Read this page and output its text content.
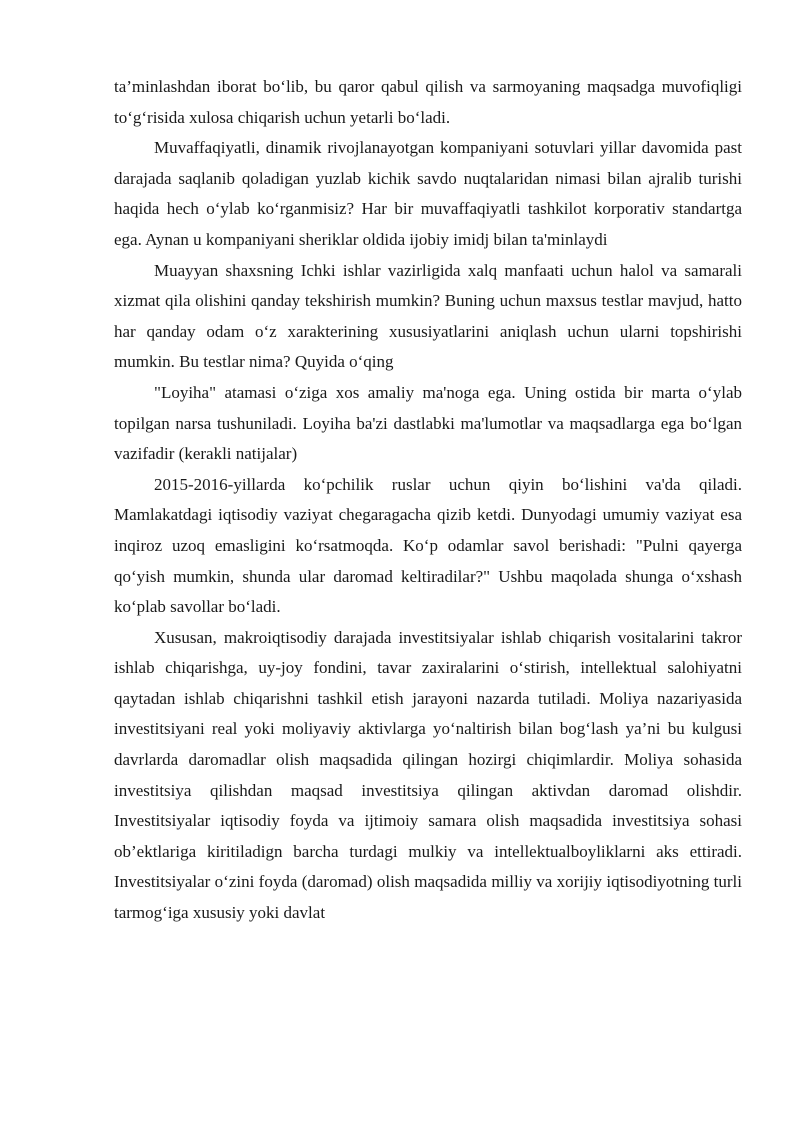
ta’minlashdan iborat bo‘lib, bu qaror qabul qilish va sarmoyaning maqsadga muvofiqligi to‘g‘risida xulosa chiqarish uchun yetarli bo‘ladi.

Muvaffaqiyatli, dinamik rivojlanayotgan kompaniyani sotuvlari yillar davomida past darajada saqlanib qoladigan yuzlab kichik savdo nuqtalaridan nimasi bilan ajralib turishi haqida hech o‘ylab ko‘rganmisiz? Har bir muvaffaqiyatli tashkilot korporativ standartga ega. Aynan u kompaniyani sheriklar oldida ijobiy imidj bilan ta'minlaydi

Muayyan shaxsning Ichki ishlar vazirligida xalq manfaati uchun halol va samarali xizmat qila olishini qanday tekshirish mumkin? Buning uchun maxsus testlar mavjud, hatto har qanday odam o‘z xarakterining xususiyatlarini aniqlash uchun ularni topshirishi mumkin. Bu testlar nima? Quyida o‘qing

"Loyiha" atamasi o‘ziga xos amaliy ma'noga ega. Uning ostida bir marta o‘ylab topilgan narsa tushuniladi. Loyiha ba'zi dastlabki ma'lumotlar va maqsadlarga ega bo‘lgan vazifadir (kerakli natijalar)

2015-2016-yillarda ko‘pchilik ruslar uchun qiyin bo‘lishini va'da qiladi. Mamlakatdagi iqtisodiy vaziyat chegaragacha qizib ketdi. Dunyodagi umumiy vaziyat esa inqiroz uzoq emasligini ko‘rsatmoqda. Ko‘p odamlar savol berishadi: "Pulni qayerga qo‘yish mumkin, shunda ular daromad keltiradilar?" Ushbu maqolada shunga o‘xshash ko‘plab savollar bo‘ladi.

Xususan, makroiqtisodiy darajada investitsiyalar ishlab chiqarish vositalarini takror ishlab chiqarishga, uy-joy fondini, tavar zaxiralarini o‘stirish, intellektual salohiyatni qaytadan ishlab chiqarishni tashkil etish jarayoni nazarda tutiladi. Moliya nazariyasida investitsiyani real yoki moliyaviy aktivlarga yo‘naltirish bilan bog‘lash ya’ni bu kulgusi davrlarda daromadlar olish maqsadida qilingan hozirgi chiqimlardir. Moliya sohasida investitsiya qilishdan maqsad investitsiya qilingan aktivdan daromad olishdir. Investitsiyalar iqtisodiy foyda va ijtimoiy samara olish maqsadida investitsiya sohasi ob’ektlariga kiritiladign barcha turdagi mulkiy va intellektualboyliklarni aks ettiradi. Investitsiyalar o‘zini foyda (daromad) olish maqsadida milliy va xorijiy iqtisodiyotning turli tarmog‘iga xususiy yoki davlat
